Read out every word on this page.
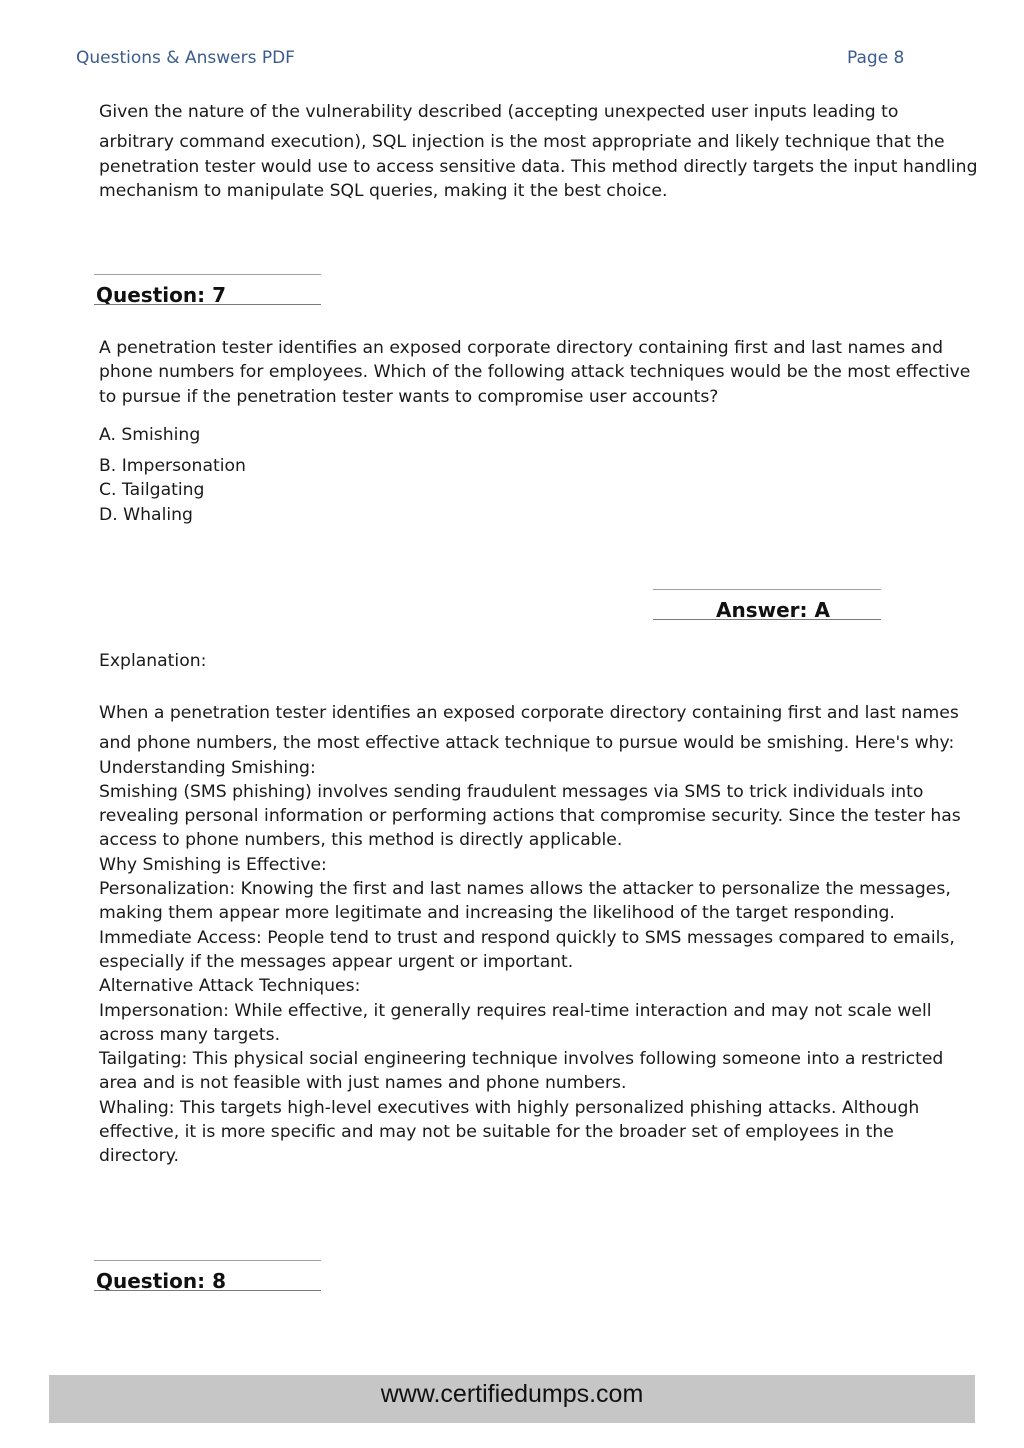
Questions & Answers PDF	Page 8
Given the nature of the vulnerability described (accepting unexpected user inputs leading to
arbitrary command execution), SQL injection is the most appropriate and likely technique that the
penetration tester would use to access sensitive data. This method directly targets the input handling
mechanism to manipulate SQL queries, making it the best choice.
Question: 7
A penetration tester identifies an exposed corporate directory containing first and last names and
phone numbers for employees. Which of the following attack techniques would be the most effective
to pursue if the penetration tester wants to compromise user accounts?
A. Smishing
B. Impersonation
C. Tailgating
D. Whaling
Answer: A
Explanation:
When a penetration tester identifies an exposed corporate directory containing first and last names
and phone numbers, the most effective attack technique to pursue would be smishing. Here's why:
Understanding Smishing:
Smishing (SMS phishing) involves sending fraudulent messages via SMS to trick individuals into
revealing personal information or performing actions that compromise security. Since the tester has
access to phone numbers, this method is directly applicable.
Why Smishing is Effective:
Personalization: Knowing the first and last names allows the attacker to personalize the messages,
making them appear more legitimate and increasing the likelihood of the target responding.
Immediate Access: People tend to trust and respond quickly to SMS messages compared to emails,
especially if the messages appear urgent or important.
Alternative Attack Techniques:
Impersonation: While effective, it generally requires real-time interaction and may not scale well
across many targets.
Tailgating: This physical social engineering technique involves following someone into a restricted
area and is not feasible with just names and phone numbers.
Whaling: This targets high-level executives with highly personalized phishing attacks. Although
effective, it is more specific and may not be suitable for the broader set of employees in the
directory.
Question: 8
www.certifiedumps.com
